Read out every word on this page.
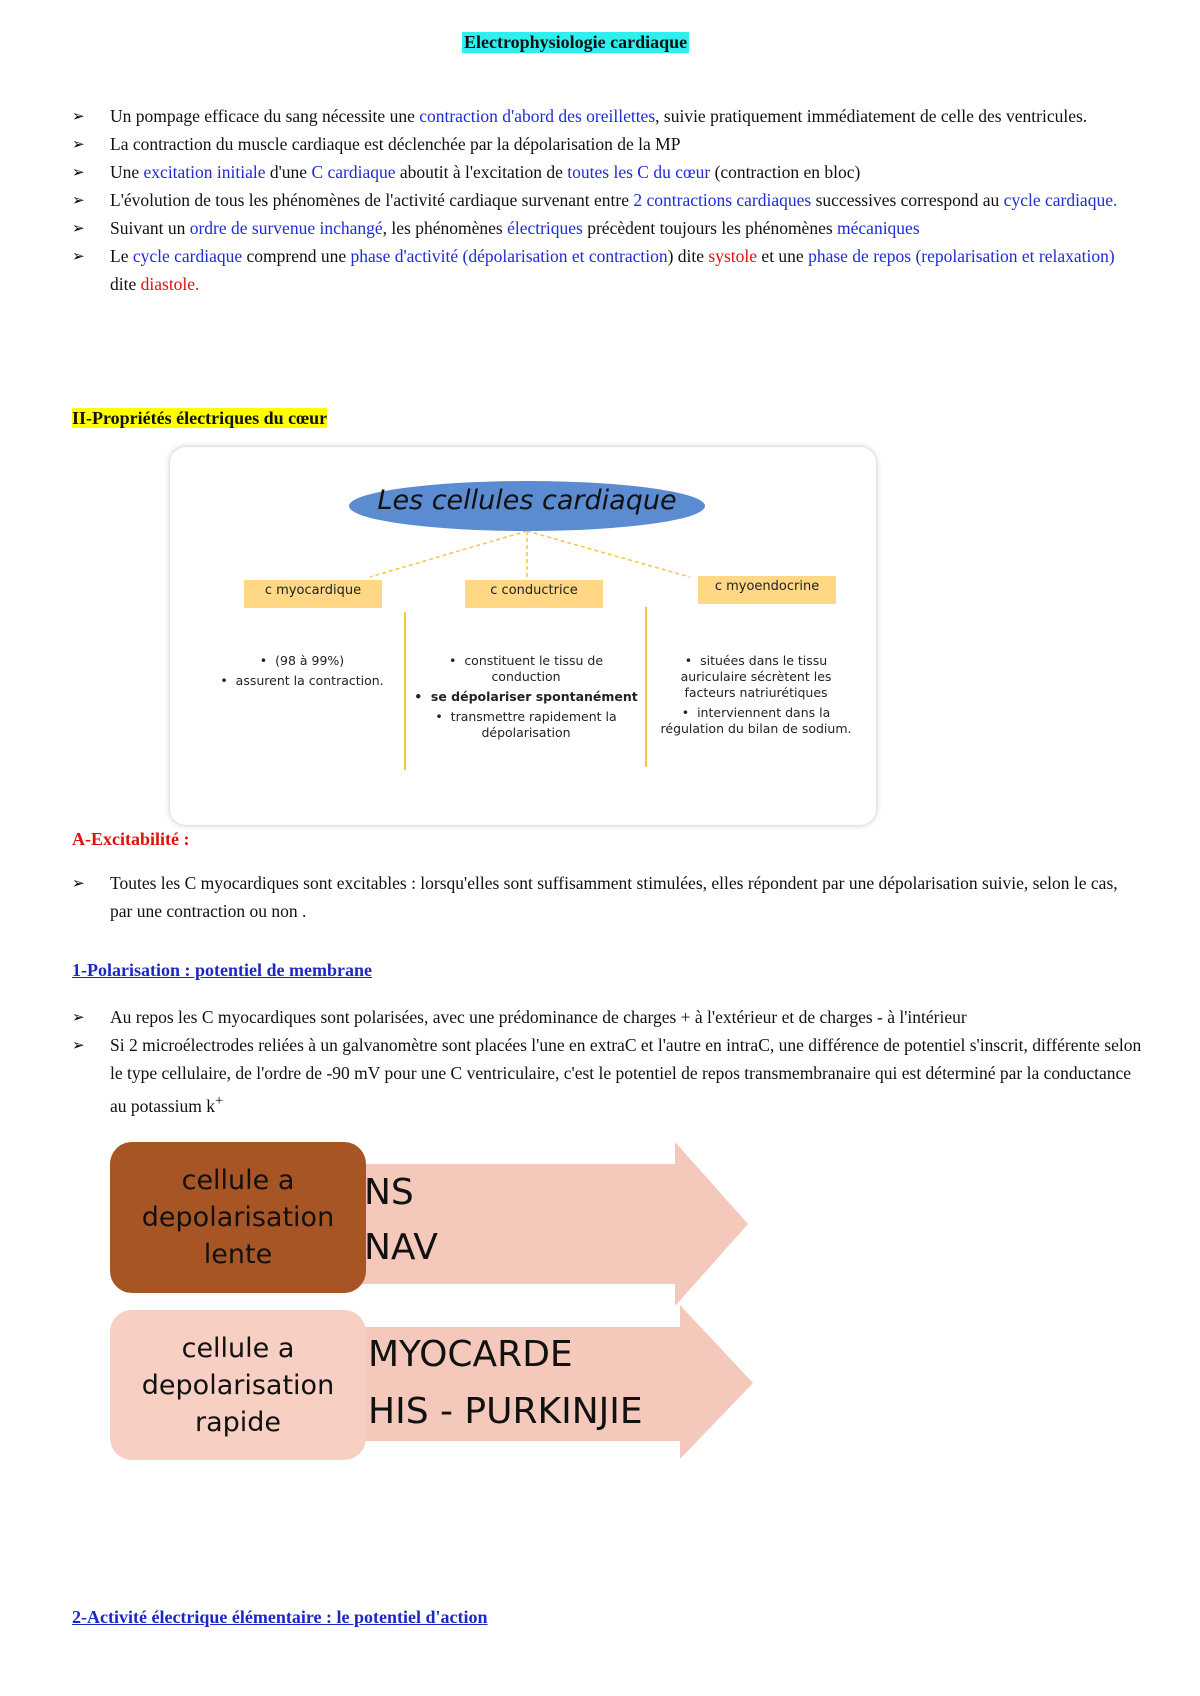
Electrophysiologie cardiaque
➢ Un pompage efficace du sang nécessite une contraction d'abord des oreillettes, suivie pratiquement immédiatement de celle des ventricules.
➢ La contraction du muscle cardiaque est déclenchée par la dépolarisation de la MP
➢ Une excitation initiale d'une C cardiaque aboutit à l'excitation de toutes les C du cœur (contraction en bloc)
➢ L'évolution de tous les phénomènes de l'activité cardiaque survenant entre 2 contractions cardiaques successives correspond au cycle cardiaque.
➢ Suivant un ordre de survenue inchangé, les phénomènes électriques précèdent toujours les phénomènes mécaniques
➢ Le cycle cardiaque comprend une phase d'activité (dépolarisation et contraction) dite systole et une phase de repos (repolarisation et relaxation) dite diastole.
II-Propriétés électriques du cœur
Les cellules cardiaque
c myocardique	c conductrice	c myoendocrine
•  (98 à 99%)
•  assurent la contraction.
•  constituent le tissu de conduction
•  se dépolariser spontanément
•  transmettre rapidement la dépolarisation
•  situées dans le tissu auriculaire sécrètent les facteurs natriurétiques
•  interviennent dans la régulation du bilan de sodium.
A-Excitabilité :
➢ Toutes les C myocardiques sont excitables : lorsqu'elles sont suffisamment stimulées, elles répondent par une dépolarisation suivie, selon le cas, par une contraction ou non .
1-Polarisation : potentiel de membrane
➢ Au repos les C myocardiques sont polarisées, avec une prédominance de charges + à l'extérieur et de charges - à l'intérieur
➢ Si 2 microélectrodes reliées à un galvanomètre sont placées l'une en extraC et l'autre en intraC, une différence de potentiel s'inscrit, différente selon le type cellulaire, de l'ordre de -90 mV pour une C ventriculaire, c'est le potentiel de repos transmembranaire qui est déterminé par la conductance au potassium k+
cellule a depolarisation lente
NS
NAV
cellule a depolarisation rapide
MYOCARDE
HIS - PURKINJIE
2-Activité électrique élémentaire : le potentiel d'action
